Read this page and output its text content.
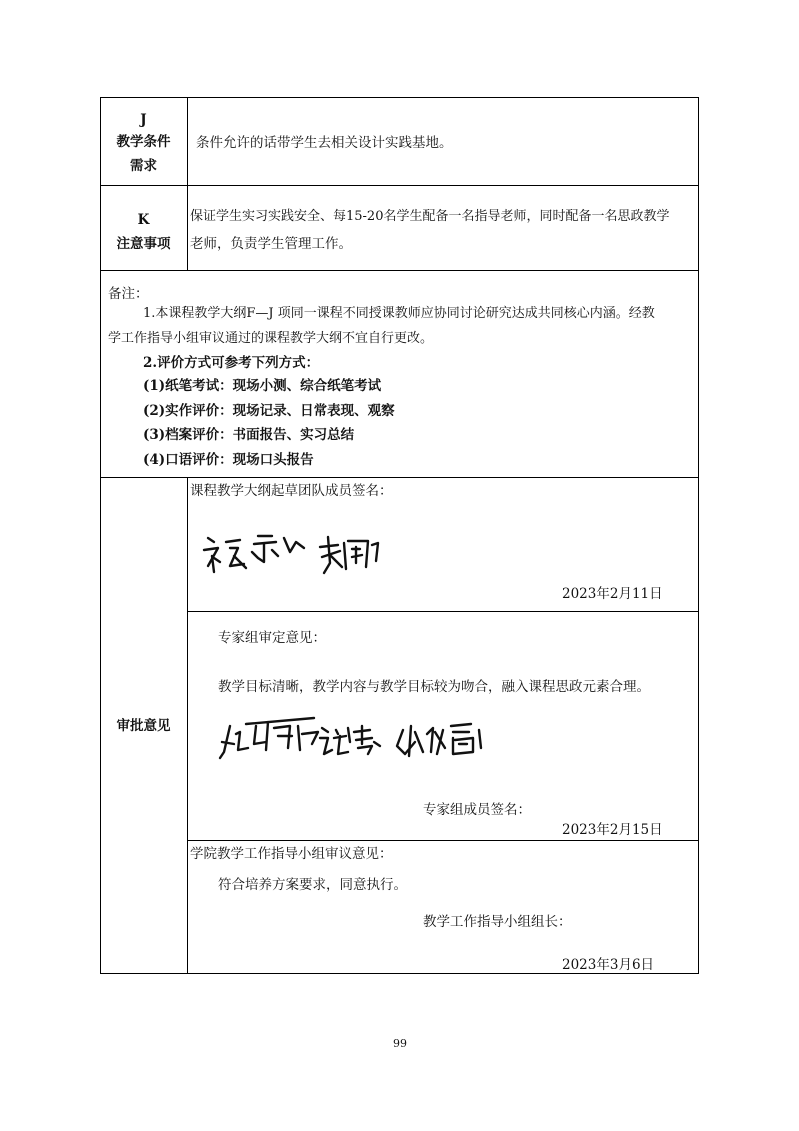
J
教学条件
需求
条件允许的话带学生去相关设计实践基地。
K
注意事项
保证学生实习实践安全、每15-20名学生配备一名指导老师，同时配备一名思政教学
老师，负责学生管理工作。
备注：
1.本课程教学大纲F—J 项同一课程不同授课教师应协同讨论研究达成共同核心内涵。经教
学工作指导小组审议通过的课程教学大纲不宜自行更改。
2.评价方式可参考下列方式：
(1)纸笔考试：现场小测、综合纸笔考试
(2)实作评价：现场记录、日常表现、观察
(3)档案评价：书面报告、实习总结
(4)口语评价：现场口头报告
审批意见
课程教学大纲起草团队成员签名：
2023年2月11日
专家组审定意见：
教学目标清晰，教学内容与教学目标较为吻合，融入课程思政元素合理。
专家组成员签名：
2023年2月15日
学院教学工作指导小组审议意见：
符合培养方案要求，同意执行。
教学工作指导小组组长：
2023年3月6日
99
